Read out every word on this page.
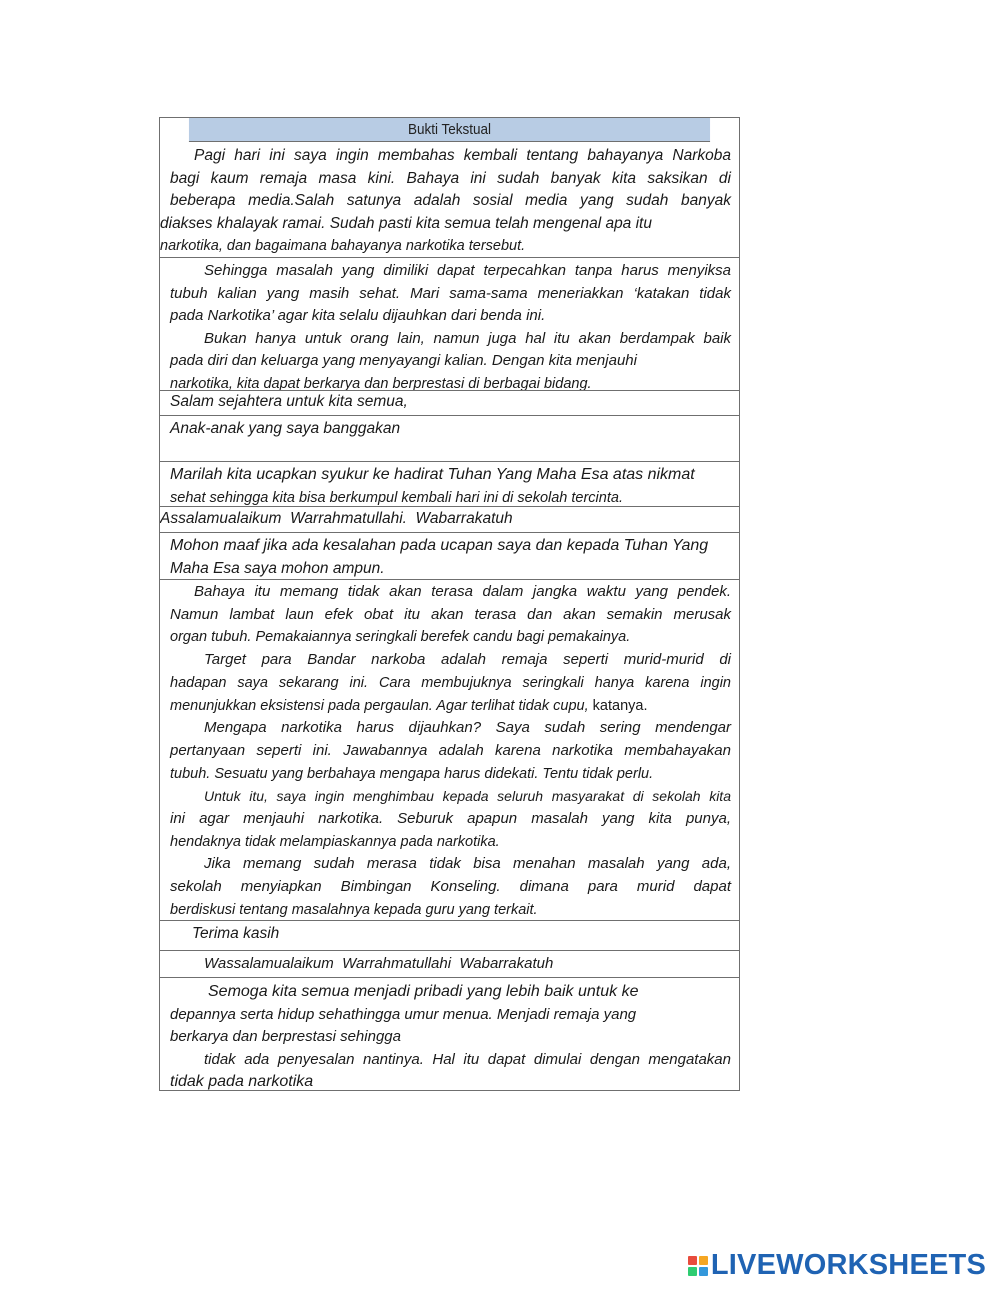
Bukti Tekstual

Pagi hari ini saya ingin membahas kembali tentang bahayanya Narkoba

bagi kaum remaja masa kini. Bahaya ini sudah banyak kita saksikan di

beberapa media.Salah satunya adalah sosial media yang sudah banyak

diakses khalayak ramai. Sudah pasti kita semua telah mengenal apa itu

narkotika, dan bagaimana bahayanya narkotika tersebut.

Sehingga masalah yang dimiliki dapat terpecahkan tanpa harus menyiksa

tubuh kalian yang masih sehat. Mari sama-sama meneriakkan ‘katakan tidak

pada Narkotika’ agar kita selalu dijauhkan dari benda ini.

Bukan hanya untuk orang lain, namun juga hal itu akan berdampak baik

pada diri dan keluarga yang menyayangi kalian. Dengan kita menjauhi

narkotika, kita dapat berkarya dan berprestasi di berbagai bidang.

Salam sejahtera untuk kita semua,

Anak-anak yang saya banggakan

Marilah kita ucapkan syukur ke hadirat Tuhan Yang Maha Esa atas nikmat

sehat sehingga kita bisa berkumpul kembali hari ini di sekolah tercinta.

Assalamualaikum  Warrahmatullahi.  Wabarrakatuh

Mohon maaf jika ada kesalahan pada ucapan saya dan kepada Tuhan Yang

Maha Esa saya mohon ampun.

Bahaya itu memang tidak akan terasa dalam jangka waktu yang pendek.

Namun lambat laun efek obat itu akan terasa dan akan semakin merusak

organ tubuh. Pemakaiannya seringkali berefek candu bagi pemakainya.

Target para Bandar narkoba adalah remaja seperti murid-murid di

hadapan saya sekarang ini. Cara membujuknya seringkali hanya karena ingin

menunjukkan eksistensi pada pergaulan. Agar terlihat tidak cupu, katanya.

Mengapa narkotika harus dijauhkan? Saya sudah sering mendengar

pertanyaan seperti ini. Jawabannya adalah karena narkotika membahayakan

tubuh. Sesuatu yang berbahaya mengapa harus didekati. Tentu tidak perlu.

Untuk itu, saya ingin menghimbau kepada seluruh masyarakat di sekolah kita

ini agar menjauhi narkotika. Seburuk apapun masalah yang kita punya,

hendaknya tidak melampiaskannya pada narkotika.

Jika memang sudah merasa tidak bisa menahan masalah yang ada,

sekolah menyiapkan Bimbingan Konseling. dimana para murid dapat

berdiskusi tentang masalahnya kepada guru yang terkait.

Terima kasih

Wassalamualaikum  Warrahmatullahi  Wabarrakatuh

Semoga kita semua menjadi pribadi yang lebih baik untuk ke

depannya serta hidup sehathingga umur menua. Menjadi remaja yang

berkarya dan berprestasi sehingga

tidak ada penyesalan nantinya. Hal itu dapat dimulai dengan mengatakan

tidak pada narkotika

LIVEWORKSHEETS
